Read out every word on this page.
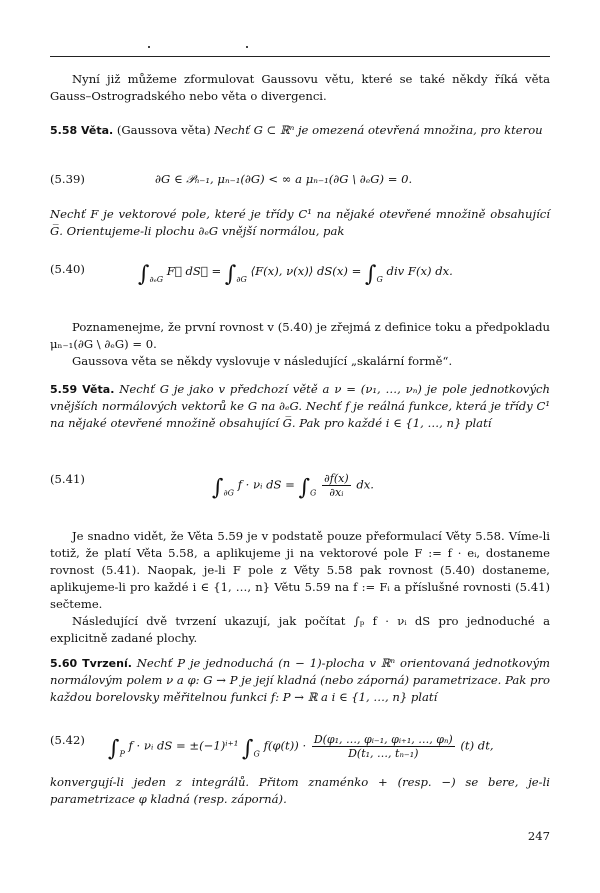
Nyní již můžeme zformulovat Gaussovu větu, které se také někdy říká věta Gauss–Ostrogradského nebo věta o divergenci.

5.58 Věta. (Gaussova věta) Nechť G ⊂ ℝⁿ je omezená otevřená množina, pro kterou

(5.39)	∂G ∈ 𝒫ₙ₋₁, μₙ₋₁(∂G) < ∞ a μₙ₋₁(∂G \ ∂ₑG) = 0.

Nechť F je vektorové pole, které je třídy C¹ na nějaké otevřené množině obsahující G̅. Orientujeme-li plochu ∂ₑG vnější normálou, pak

(5.40) $\int_{\partial_eG}$ F⃗ dS⃗ = $\int_{\partial G}$ ⟨F(x), ν(x)⟩ $dS(x) = \int_G$ div F(x) dx.

Poznamenejme, že první rovnost v (5.40) je zřejmá z definice toku a předpokladu μₙ₋₁(∂G \ ∂ₑG) = 0.

Gaussova věta se někdy vyslovuje v následující „skalární formě“.

5.59 Věta. Nechť G je jako v předchozí větě a ν = (ν₁, …, νₙ) je pole jednotkových vnějších normálových vektorů ke G na ∂ₑG. Nechť f je reálná funkce, která je třídy C¹ na nějaké otevřené množině obsahující G̅. Pak pro každé i ∈ {1, …, n} platí

(5.41)	$\int_{\partial G}$ f · νᵢ dS = $\int_G \frac{\partial f(x)}{\text{∂xᵢ}}$ dx.

Je snadno vidět, že Věta 5.59 je v podstatě pouze přeformulací Věty 5.58. Víme-li totiž, že platí Věta 5.58, a aplikujeme ji na vektorové pole F := f · eᵢ, dostaneme rovnost (5.41). Naopak, je-li F pole z Věty 5.58 pak rovnost (5.40) dostaneme, aplikujeme-li pro každé i ∈ {1, …, n} Větu 5.59 na f := Fᵢ a příslušné rovnosti (5.41) sečteme.

Následující dvě tvrzení ukazují, jak počítat ∫ₚ f · νᵢ dS pro jednoduché a explicitně zadané plochy.

5.60 Tvrzení. Nechť P je jednoduchá (n − 1)-plocha v ℝⁿ orientovaná jednotkovým normálovým polem ν a φ: G → P je její kladná (nebo záporná) parametrizace. Pak pro každou borelovsky měřitelnou funkci f: P → ℝ a i ∈ {1, …, n} platí

(5.42) $\int_P$ f · νᵢ dS = ±(−1)ⁱ⁺¹ $\int_G$ $f(\varphi(t)) \cdot \frac{\text{D(φ₁, …, φᵢ₋₁, φᵢ₊₁, …, φₙ)}}{\text{D(t₁, …, tₙ₋₁)}} (t)$ dt,

konvergují-li jeden z integrálů. Přitom znaménko + (resp. −) se bere, je-li parametrizace φ kladná (resp. záporná).

247
